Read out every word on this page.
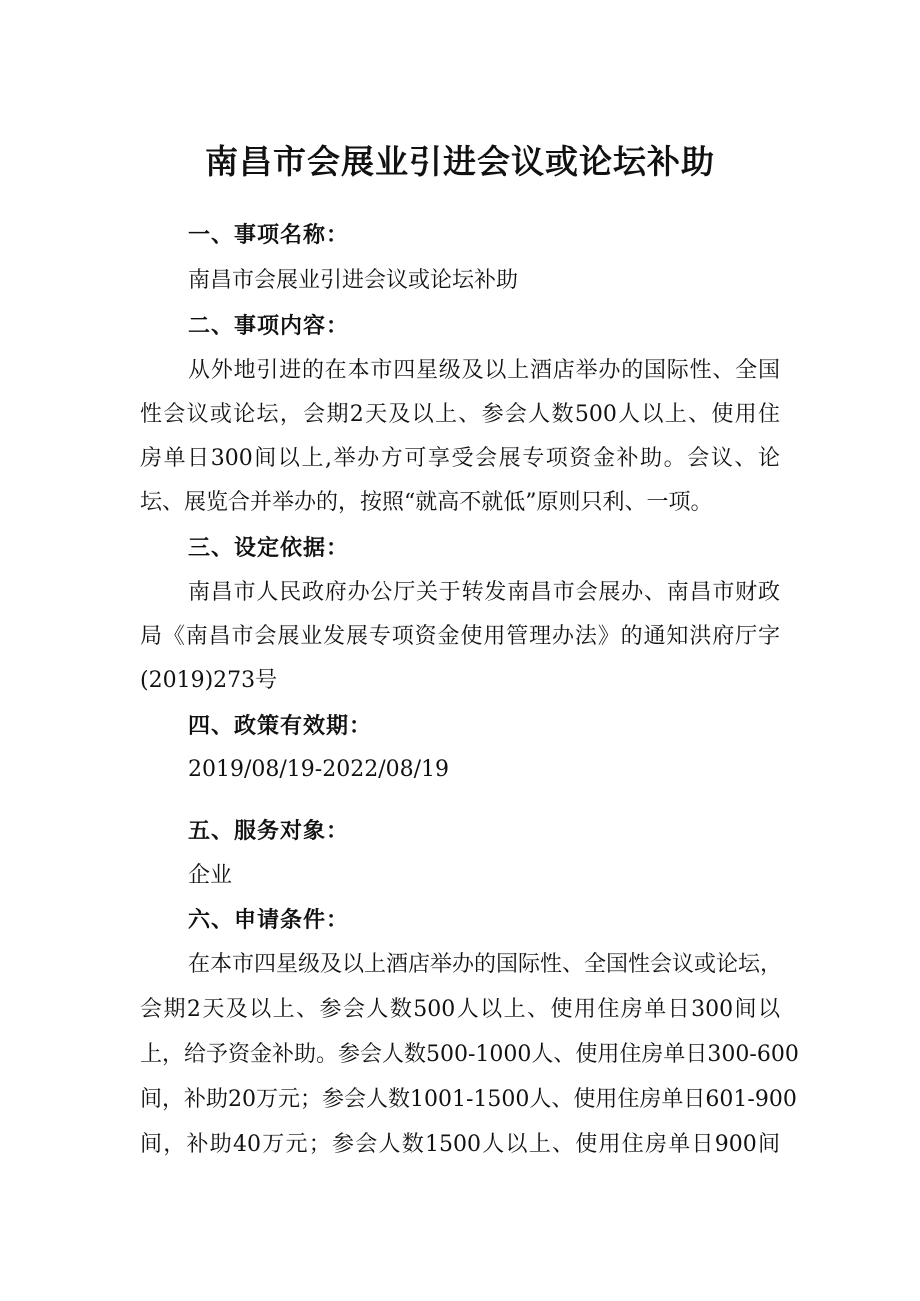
南昌市会展业引进会议或论坛补助
一、事项名称：
南昌市会展业引进会议或论坛补助
二、事项内容：
从外地引进的在本市四星级及以上酒店举办的国际性、全国
性会议或论坛，会期2天及以上、参会人数500人以上、使用住
房单日300间以上,举办方可享受会展专项资金补助。会议、论
坛、展览合并举办的，按照“就高不就低”原则只利、一项。
三、设定依据：
南昌市人民政府办公厅关于转发南昌市会展办、南昌市财政
局《南昌市会展业发展专项资金使用管理办法》的通知洪府厅字
(2019)273号
四、政策有效期：
2019/08/19-2022/08/19
五、服务对象：
企业
六、申请条件：
在本市四星级及以上酒店举办的国际性、全国性会议或论坛，
会期2天及以上、参会人数500人以上、使用住房单日300间以
上，给予资金补助。参会人数500-1000人、使用住房单日300-600
间，补助20万元；参会人数1001-1500人、使用住房单日601-900
间，补助40万元；参会人数1500人以上、使用住房单日900间
